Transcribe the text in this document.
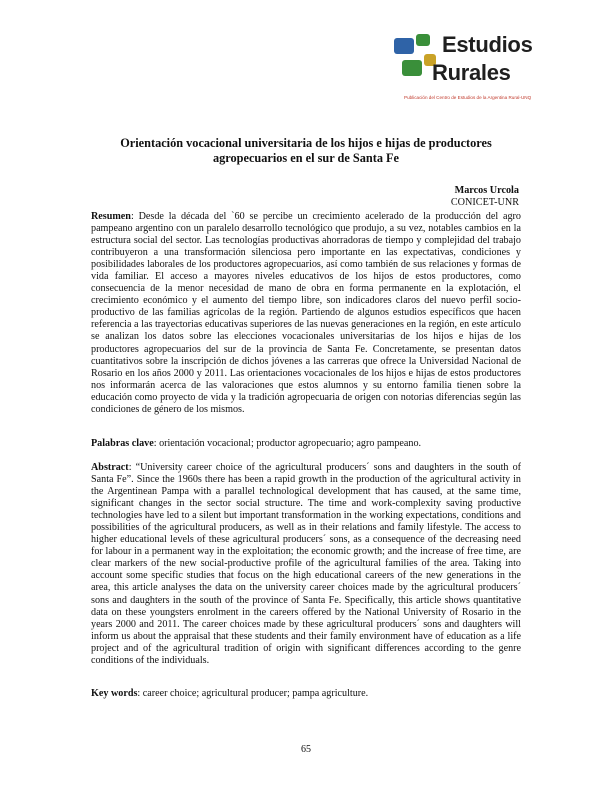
Estudios
Rurales
Publicación del Centro de Estudios de la Argentina Rural-UNQ
Orientación vocacional universitaria de los hijos e hijas de productores agropecuarios en el sur de Santa Fe
Marcos Urcola
CONICET-UNR
Resumen: Desde la década del `60 se percibe un crecimiento acelerado de la producción del agro pampeano argentino con un paralelo desarrollo tecnológico que produjo, a su vez, notables cambios en la estructura social del sector. Las tecnologías productivas ahorradoras de tiempo y complejidad del trabajo contribuyeron a una transformación silenciosa pero importante en las expectativas, condiciones y posibilidades laborales de los productores agropecuarios, así como también de sus relaciones y formas de vida familiar. El acceso a mayores niveles educativos de los hijos de estos productores, como consecuencia de la menor necesidad de mano de obra en forma permanente en la explotación, el crecimiento económico y el aumento del tiempo libre, son indicadores claros del nuevo perfil socio-productivo de las familias agrícolas de la región. Partiendo de algunos estudios específicos que hacen referencia a las trayectorias educativas superiores de las nuevas generaciones en la región, en este artículo se analizan los datos sobre las elecciones vocacionales universitarias de los hijos e hijas de los productores agropecuarios del sur de la provincia de Santa Fe. Concretamente, se presentan datos cuantitativos sobre la inscripción de dichos jóvenes a las carreras que ofrece la Universidad Nacional de Rosario en los años 2000 y 2011. Las orientaciones vocacionales de los hijos e hijas de estos productores nos informarán acerca de las valoraciones que estos alumnos y su entorno familia tienen sobre la educación como proyecto de vida y la tradición agropecuaria de origen con notorias diferencias según las condiciones de género de los mismos.
Palabras clave: orientación vocacional; productor agropecuario; agro pampeano.
Abstract: “University career choice of the agricultural producers´ sons and daughters in the south of Santa Fe”. Since the 1960s there has been a rapid growth in the production of the agricultural activity in the Argentinean Pampa with a parallel technological development that has caused, at the same time, significant changes in the sector social structure. The time and work-complexity saving productive technologies have led to a silent but important transformation in the working expectations, conditions and possibilities of the agricultural producers, as well as in their relations and family lifestyle. The access to higher educational levels of these agricultural producers´ sons, as a consequence of the decreasing need for labour in a permanent way in the exploitation; the economic growth; and the increase of free time, are clear markers of the new social-productive profile of the agricultural families of the area. Taking into account some specific studies that focus on the high educational careers of the new generations in the area, this article analyses the data on the university career choices made by the agricultural producers´ sons and daughters in the south of the province of Santa Fe. Specifically, this article shows quantitative data on these youngsters enrolment in the careers offered by the National University of Rosario in the years 2000 and 2011. The career choices made by these agricultural producers´ sons and daughters will inform us about the appraisal that these students and their family environment have of education as a life project and of the agricultural tradition of origin with significant differences according to the genre conditions of the individuals.
Key words: career choice; agricultural producer; pampa agriculture.
65
